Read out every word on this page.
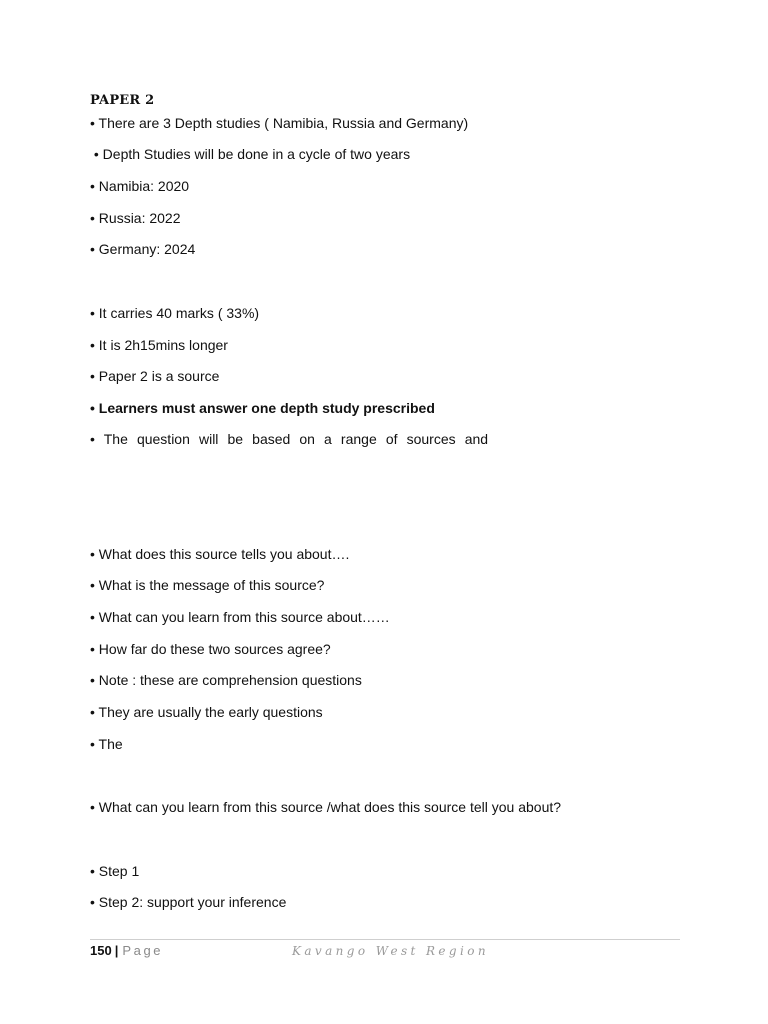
PAPER 2

• There are 3 Depth studies ( Namibia, Russia and Germany)

• Depth Studies will be done in a cycle of two years

• Namibia: 2020

• Russia: 2022

• Germany: 2024

• It carries 40 marks ( 33%)

• It is 2h15mins longer

• Paper 2 is a source

• Learners must answer one depth study prescribed

• The question will be based on a range of sources and

• What does this source tells you about….

• What is the message of this source?

• What can you learn from this source about……

• How far do these two sources agree?

• Note : these are comprehension questions

• They are usually the early questions

• The

• What can you learn from this source /what does this source tell you about?

• Step 1

• Step 2: support your inference

150 | Page	Kavango West Region
